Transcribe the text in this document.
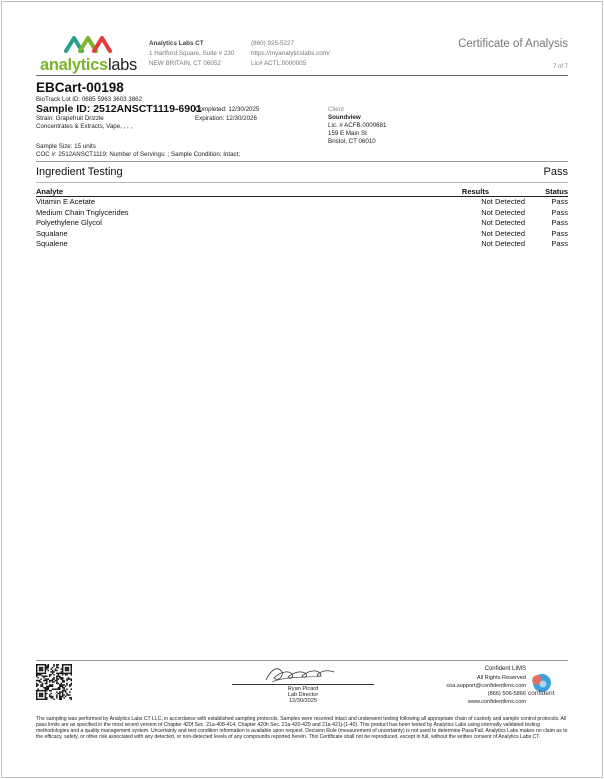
analyticslabs
Analytics Labs CT
1 Hartford Square, Suite # 230
NEW BRITAIN, CT 06052
(860) 925-5227
https://myanalyticslabs.com/
Lic# ACTL.0000005
Certificate of Analysis
7 of 7
EBCart-00198
BioTrack Lot ID: 0685 5963 3603 3862
Sample ID: 2512ANSCT1119-6901
Strain: Grapefruit Drizzle
Concentrates & Extracts, Vape, , , ,
Completed: 12/30/2025
Expiration: 12/30/2026
Sample Size: 15 units
COC #: 2512ANSCT1119; Number of Servings: ; Sample Condition: Intact;
Client
Soundview
Lic. # ACFB.0000681
159 E Main St
Bristol, CT 06010
Ingredient Testing	Pass
Analyte	Results	Status
Vitamin E Acetate	Not Detected	Pass
Medium Chain Triglycerides	Not Detected	Pass
Polyethylene Glycol	Not Detected	Pass
Squalane	Not Detected	Pass
Squalene	Not Detected	Pass
Ryan Picard
Lab Director
12/30/2025
Confident LIMS
All Rights Reserved
coa.support@confidentlims.com
(866) 506-5866
www.confidentlims.com
confident
The sampling was performed by Analytics Labs CT LLC, in accordance with established sampling protocols. Samples were received intact and underwent testing following all appropriate chain of custody and sample control protocols. All pass limits are as specified in the most recent version of Chapter 420f Sec. 21a-408-414, Chapter 420h Sec. 21a-420-429 and 21a-421j-(1-40). This product has been tested by Analytics Labs using internally validated testing methodologies and a quality management system. Uncertainty and test condition information is available upon request. Decision Rule (measurement of uncertainty) is not used to determine Pass/Fail. Analytics Labs makes no claim as to the efficacy, safety, or other risk associated with any detected, or non-detected levels of any compounds reported herein. This Certificate shall not be reproduced, except in full, without the written consent of Analytics Labs CT.
